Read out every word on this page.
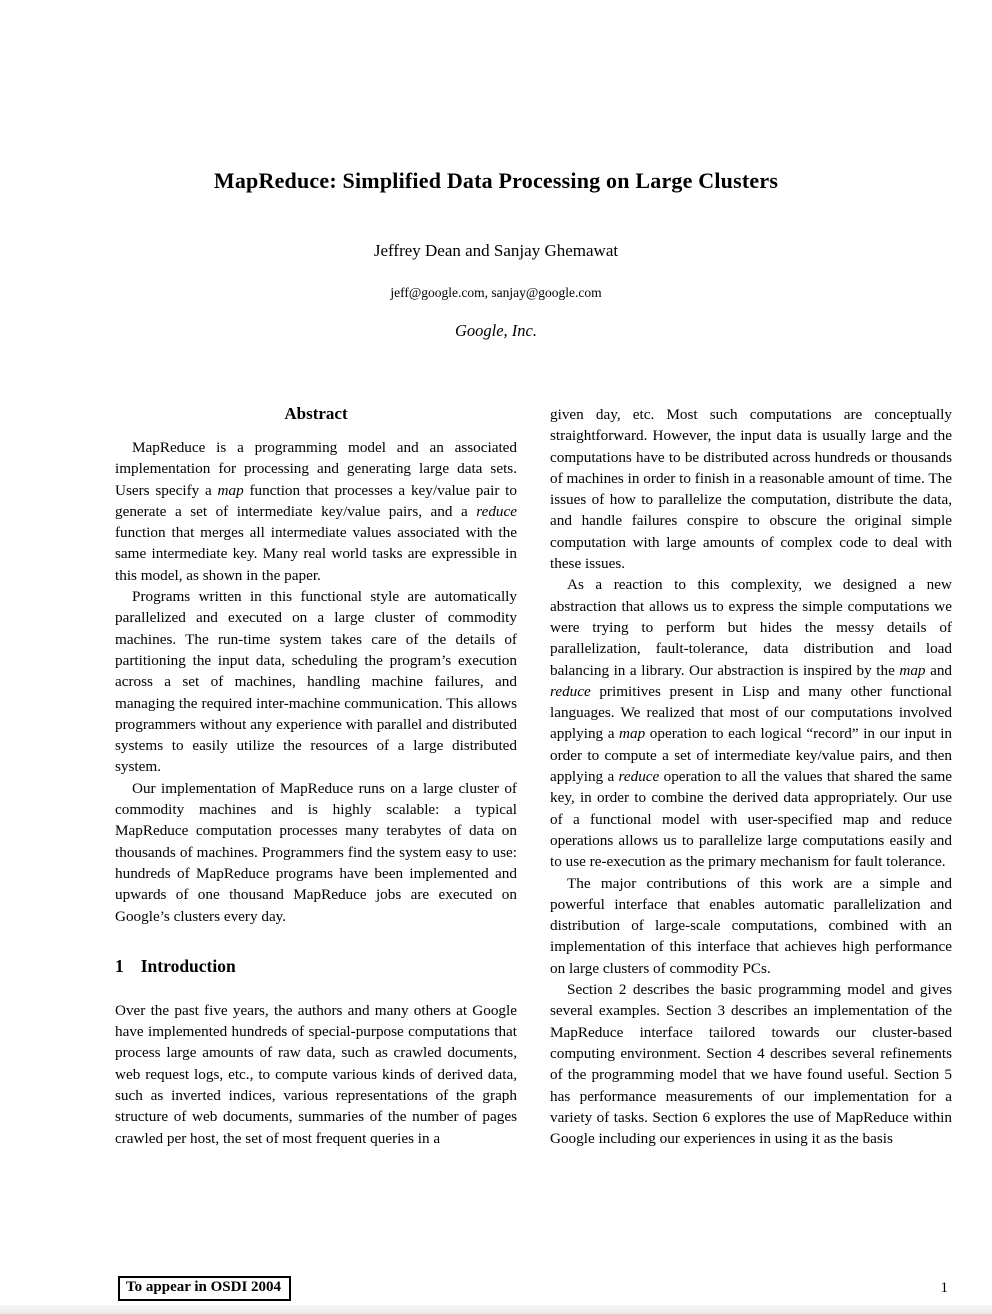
MapReduce: Simplified Data Processing on Large Clusters
Jeffrey Dean and Sanjay Ghemawat
jeff@google.com, sanjay@google.com
Google, Inc.
Abstract

MapReduce is a programming model and an associated implementation for processing and generating large data sets. Users specify a map function that processes a key/value pair to generate a set of intermediate key/value pairs, and a reduce function that merges all intermediate values associated with the same intermediate key. Many real world tasks are expressible in this model, as shown in the paper.

Programs written in this functional style are automatically parallelized and executed on a large cluster of commodity machines. The run-time system takes care of the details of partitioning the input data, scheduling the program’s execution across a set of machines, handling machine failures, and managing the required inter-machine communication. This allows programmers without any experience with parallel and distributed systems to easily utilize the resources of a large distributed system.

Our implementation of MapReduce runs on a large cluster of commodity machines and is highly scalable: a typical MapReduce computation processes many terabytes of data on thousands of machines. Programmers find the system easy to use: hundreds of MapReduce programs have been implemented and upwards of one thousand MapReduce jobs are executed on Google’s clusters every day.

1 Introduction

Over the past five years, the authors and many others at Google have implemented hundreds of special-purpose computations that process large amounts of raw data, such as crawled documents, web request logs, etc., to compute various kinds of derived data, such as inverted indices, various representations of the graph structure of web documents, summaries of the number of pages crawled per host, the set of most frequent queries in a

given day, etc. Most such computations are conceptually straightforward. However, the input data is usually large and the computations have to be distributed across hundreds or thousands of machines in order to finish in a reasonable amount of time. The issues of how to parallelize the computation, distribute the data, and handle failures conspire to obscure the original simple computation with large amounts of complex code to deal with these issues.

As a reaction to this complexity, we designed a new abstraction that allows us to express the simple computations we were trying to perform but hides the messy details of parallelization, fault-tolerance, data distribution and load balancing in a library. Our abstraction is inspired by the map and reduce primitives present in Lisp and many other functional languages. We realized that most of our computations involved applying a map operation to each logical “record” in our input in order to compute a set of intermediate key/value pairs, and then applying a reduce operation to all the values that shared the same key, in order to combine the derived data appropriately. Our use of a functional model with user-specified map and reduce operations allows us to parallelize large computations easily and to use re-execution as the primary mechanism for fault tolerance.

The major contributions of this work are a simple and powerful interface that enables automatic parallelization and distribution of large-scale computations, combined with an implementation of this interface that achieves high performance on large clusters of commodity PCs.

Section 2 describes the basic programming model and gives several examples. Section 3 describes an implementation of the MapReduce interface tailored towards our cluster-based computing environment. Section 4 describes several refinements of the programming model that we have found useful. Section 5 has performance measurements of our implementation for a variety of tasks. Section 6 explores the use of MapReduce within Google including our experiences in using it as the basis

To appear in OSDI 2004	1
